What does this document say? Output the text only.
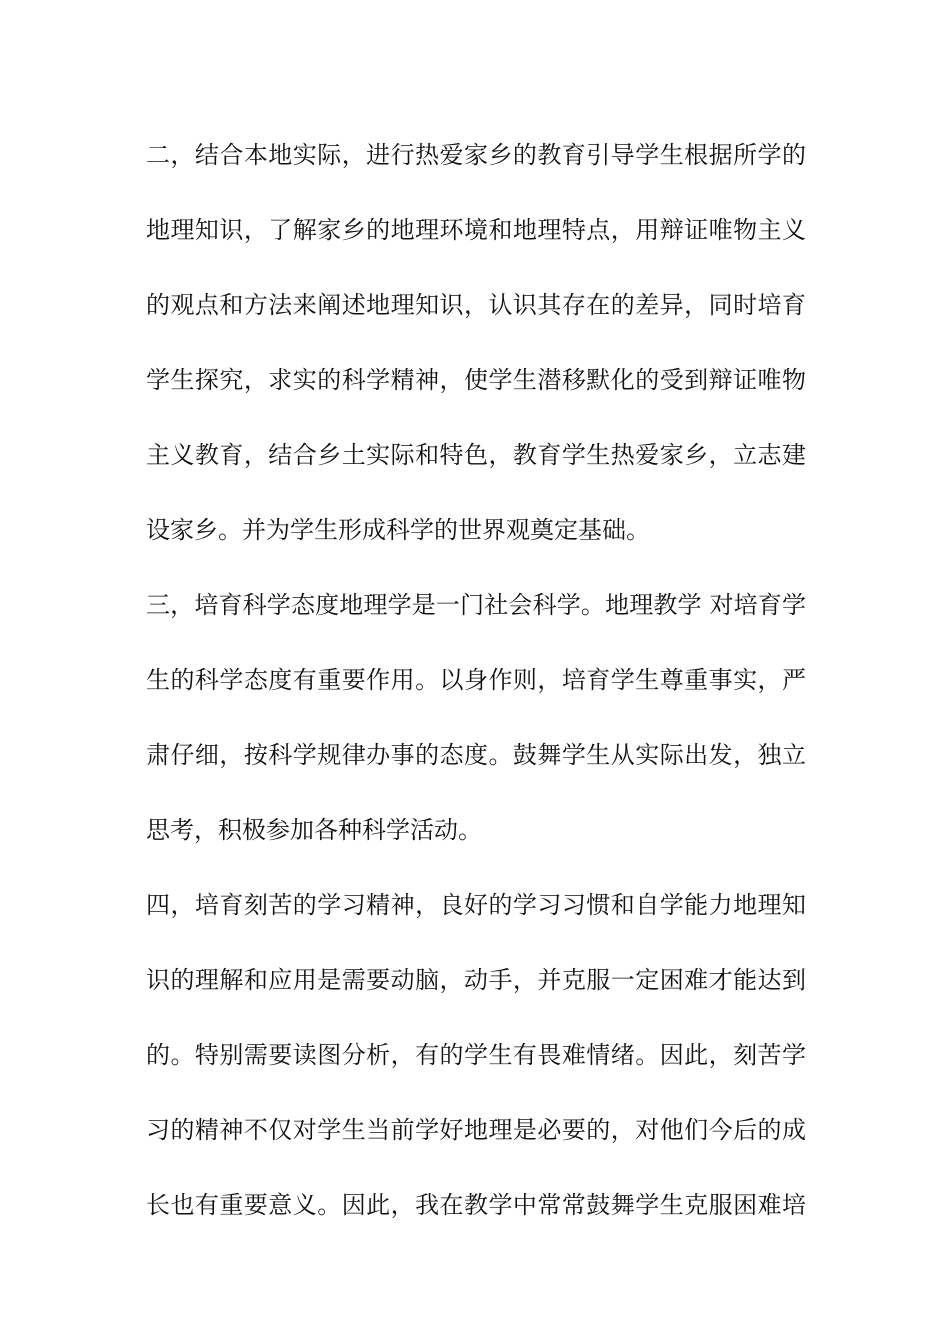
二，结合本地实际，进行热爱家乡的教育引导学生根据所学的
地理知识，了解家乡的地理环境和地理特点，用辩证唯物主义
的观点和方法来阐述地理知识，认识其存在的差异，同时培育
学生探究，求实的科学精神，使学生潜移默化的受到辩证唯物
主义教育，结合乡土实际和特色，教育学生热爱家乡，立志建
设家乡。并为学生形成科学的世界观奠定基础。
三，培育科学态度地理学是一门社会科学。地理教学 对培育学
生的科学态度有重要作用。以身作则，培育学生尊重事实，严
肃仔细，按科学规律办事的态度。鼓舞学生从实际出发，独立
思考，积极参加各种科学活动。
四，培育刻苦的学习精神，良好的学习习惯和自学能力地理知
识的理解和应用是需要动脑，动手，并克服一定困难才能达到
的。特别需要读图分析，有的学生有畏难情绪。因此，刻苦学
习的精神不仅对学生当前学好地理是必要的，对他们今后的成
长也有重要意义。因此，我在教学中常常鼓舞学生克服困难培
